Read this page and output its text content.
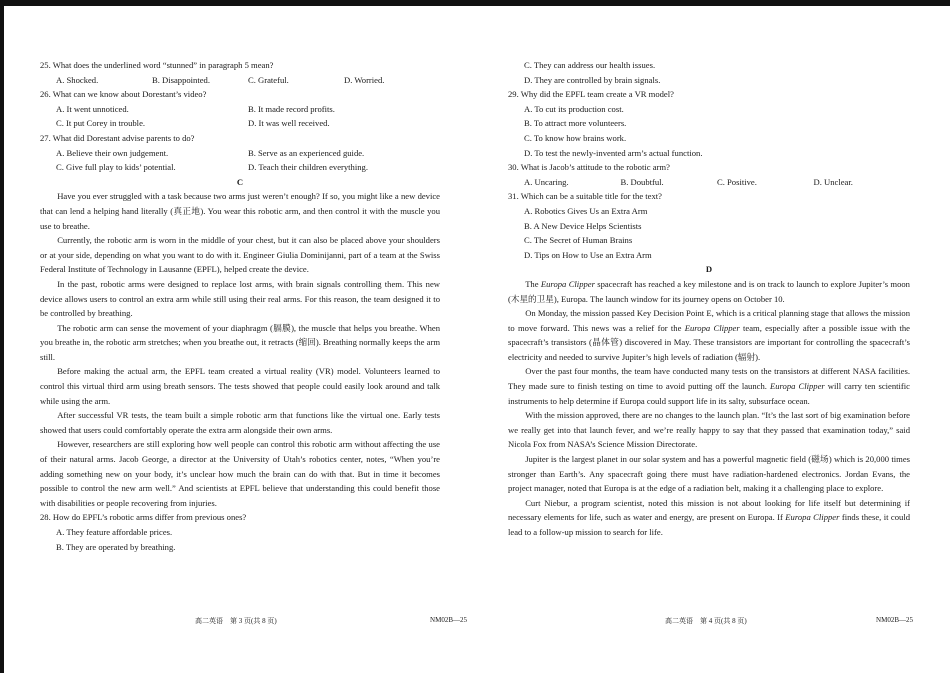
25. What does the underlined word “stunned” in paragraph 5 mean?

A. Shocked.	B. Disappointed.	C. Grateful.	D. Worried.

26. What can we know about Dorestant’s video?

A. It went unnoticed.	B. It made record profits.
C. It put Corey in trouble.	D. It was well received.

27. What did Dorestant advise parents to do?

A. Believe their own judgement.	B. Serve as an experienced guide.
C. Give full play to kids’ potential.	D. Teach their children everything.

C

Have you ever struggled with a task because two arms just weren’t enough? If so, you might like a new device that can lend a helping hand literally (真正地). You wear this robotic arm, and then control it with the muscle you use to breathe.

Currently, the robotic arm is worn in the middle of your chest, but it can also be placed above your shoulders or at your side, depending on what you want to do with it. Engineer Giulia Dominijanni, part of a team at the Swiss Federal Institute of Technology in Lausanne (EPFL), helped create the device.

In the past, robotic arms were designed to replace lost arms, with brain signals controlling them. This new device allows users to control an extra arm while still using their real arms. For this reason, the team designed it to be controlled by breathing.

The robotic arm can sense the movement of your diaphragm (膈膜), the muscle that helps you breathe. When you breathe in, the robotic arm stretches; when you breathe out, it retracts (缩回). Breathing normally keeps the arm still.

Before making the actual arm, the EPFL team created a virtual reality (VR) model. Volunteers learned to control this virtual third arm using breath sensors. The tests showed that people could easily look around and talk while using the arm.

After successful VR tests, the team built a simple robotic arm that functions like the virtual one. Early tests showed that users could comfortably operate the extra arm alongside their own arms.

However, researchers are still exploring how well people can control this robotic arm without affecting the use of their natural arms. Jacob George, a director at the University of Utah’s robotics center, notes, “When you’re adding something new on your body, it’s unclear how much the brain can do with that. But in time it becomes possible to control the new arm well.” And scientists at EPFL believe that understanding this could benefit those with disabilities or people recovering from injuries.

28. How do EPFL’s robotic arms differ from previous ones?

A. They feature affordable prices.

B. They are operated by breathing.

高二英语　第 3 页(共 8 页)	NM02B—25

C. They can address our health issues.

D. They are controlled by brain signals.

29. Why did the EPFL team create a VR model?

A. To cut its production cost.

B. To attract more volunteers.

C. To know how brains work.

D. To test the newly-invented arm’s actual function.

30. What is Jacob’s attitude to the robotic arm?

A. Uncaring.	B. Doubtful.	C. Positive.	D. Unclear.

31. Which can be a suitable title for the text?

A. Robotics Gives Us an Extra Arm

B. A New Device Helps Scientists

C. The Secret of Human Brains

D. Tips on How to Use an Extra Arm

D

The Europa Clipper spacecraft has reached a key milestone and is on track to launch to explore Jupiter’s moon (木星的卫星), Europa. The launch window for its journey opens on October 10.

On Monday, the mission passed Key Decision Point E, which is a critical planning stage that allows the mission to move forward. This news was a relief for the Europa Clipper team, especially after a possible issue with the spacecraft’s transistors (晶体管) discovered in May. These transistors are important for controlling the spacecraft’s electricity and needed to survive Jupiter’s high levels of radiation (辐射).

Over the past four months, the team have conducted many tests on the transistors at different NASA facilities. They made sure to finish testing on time to avoid putting off the launch. Europa Clipper will carry ten scientific instruments to help determine if Europa could support life in its salty, subsurface ocean.

With the mission approved, there are no changes to the launch plan. “It’s the last sort of big examination before we really get into that launch fever, and we’re really happy to say that they passed that examination today,” said Nicola Fox from NASA’s Science Mission Directorate.

Jupiter is the largest planet in our solar system and has a powerful magnetic field (磁场) which is 20,000 times stronger than Earth’s. Any spacecraft going there must have radiation-hardened electronics. Jordan Evans, the project manager, noted that Europa is at the edge of a radiation belt, making it a challenging place to explore.

Curt Niebur, a program scientist, noted this mission is not about looking for life itself but determining if necessary elements for life, such as water and energy, are present on Europa. If Europa Clipper finds these, it could lead to a follow-up mission to search for life.

高二英语　第 4 页(共 8 页)	NM02B—25
